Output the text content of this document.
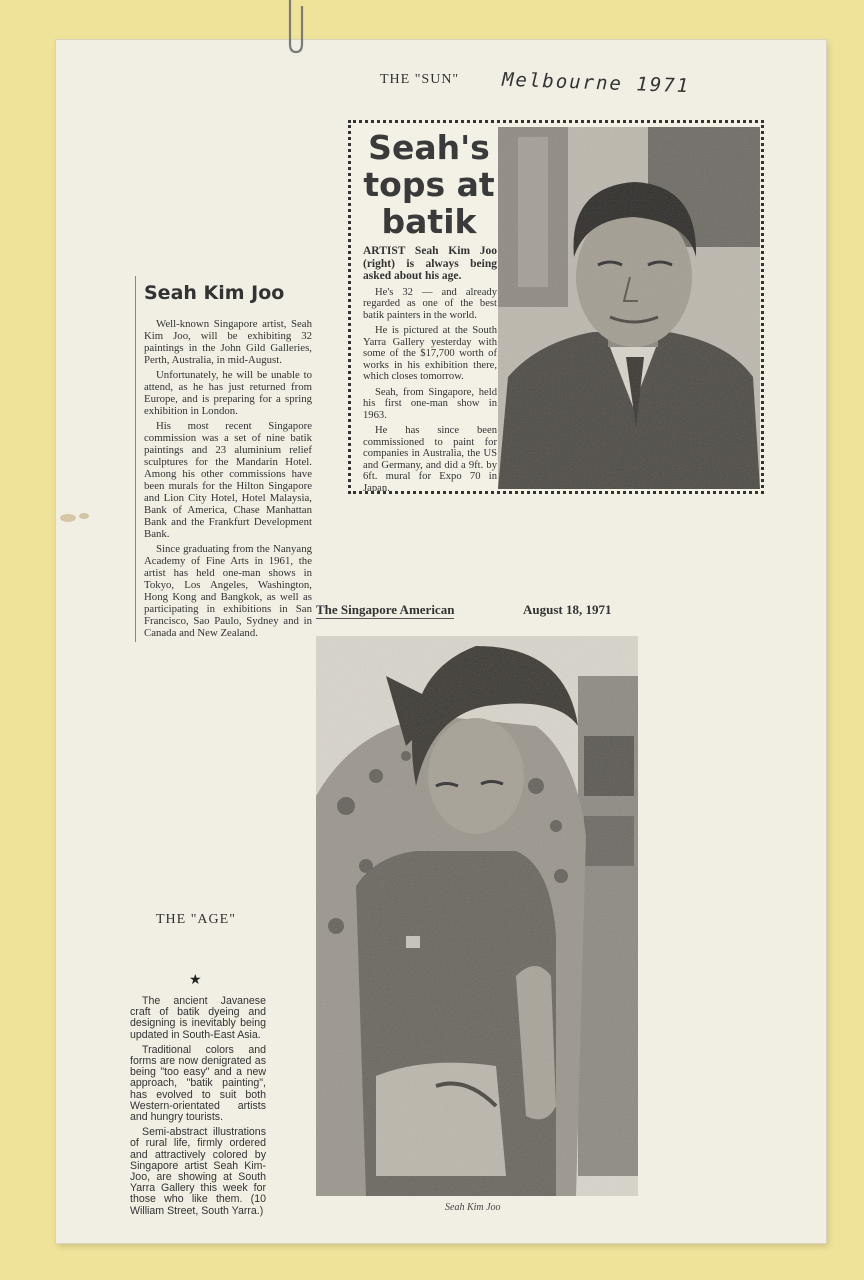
THE "SUN" Melbourne 1971
Seah's
tops at
batik

ARTIST Seah Kim Joo (right) is always being asked about his age.

He's 32 — and already regarded as one of the best batik painters in the world.

He is pictured at the South Yarra Gallery yesterday with some of the $17,700 worth of works in his exhibition there, which closes tomorrow.

Seah, from Singapore, held his first one-man show in 1963.

He has since been commissioned to paint for companies in Australia, the US and Germany, and did a 9ft. by 6ft. mural for Expo 70 in Japan.

Seah Kim Joo

Well-known Singapore artist, Seah Kim Joo, will be exhibiting 32 paintings in the John Gild Galleries, Perth, Australia, in mid-August.

Unfortunately, he will be unable to attend, as he has just returned from Europe, and is preparing for a spring exhibition in London.

His most recent Singapore commission was a set of nine batik paintings and 23 aluminium relief sculptures for the Mandarin Hotel. Among his other commissions have been murals for the Hilton Singapore and Lion City Hotel, Hotel Malaysia, Bank of America, Chase Manhattan Bank and the Frankfurt Development Bank.

Since graduating from the Nanyang Academy of Fine Arts in 1961, the artist has held one-man shows in Tokyo, Los Angeles, Washington, Hong Kong and Bangkok, as well as participating in exhibitions in San Francisco, Sao Paulo, Sydney and in Canada and New Zealand.

THE "AGE"
★

The ancient Javanese craft of batik dyeing and designing is inevitably being updated in South-East Asia.

Traditional colors and forms are now denigrated as being "too easy" and a new approach, "batik painting", has evolved to suit both Western-orientated artists and hungry tourists.

Semi-abstract illustrations of rural life, firmly ordered and attractively colored by Singapore artist Seah Kim-Joo, are showing at South Yarra Gallery this week for those who like them. (10 William Street, South Yarra.)

The Singapore American	August 18, 1971
Seah Kim Joo
